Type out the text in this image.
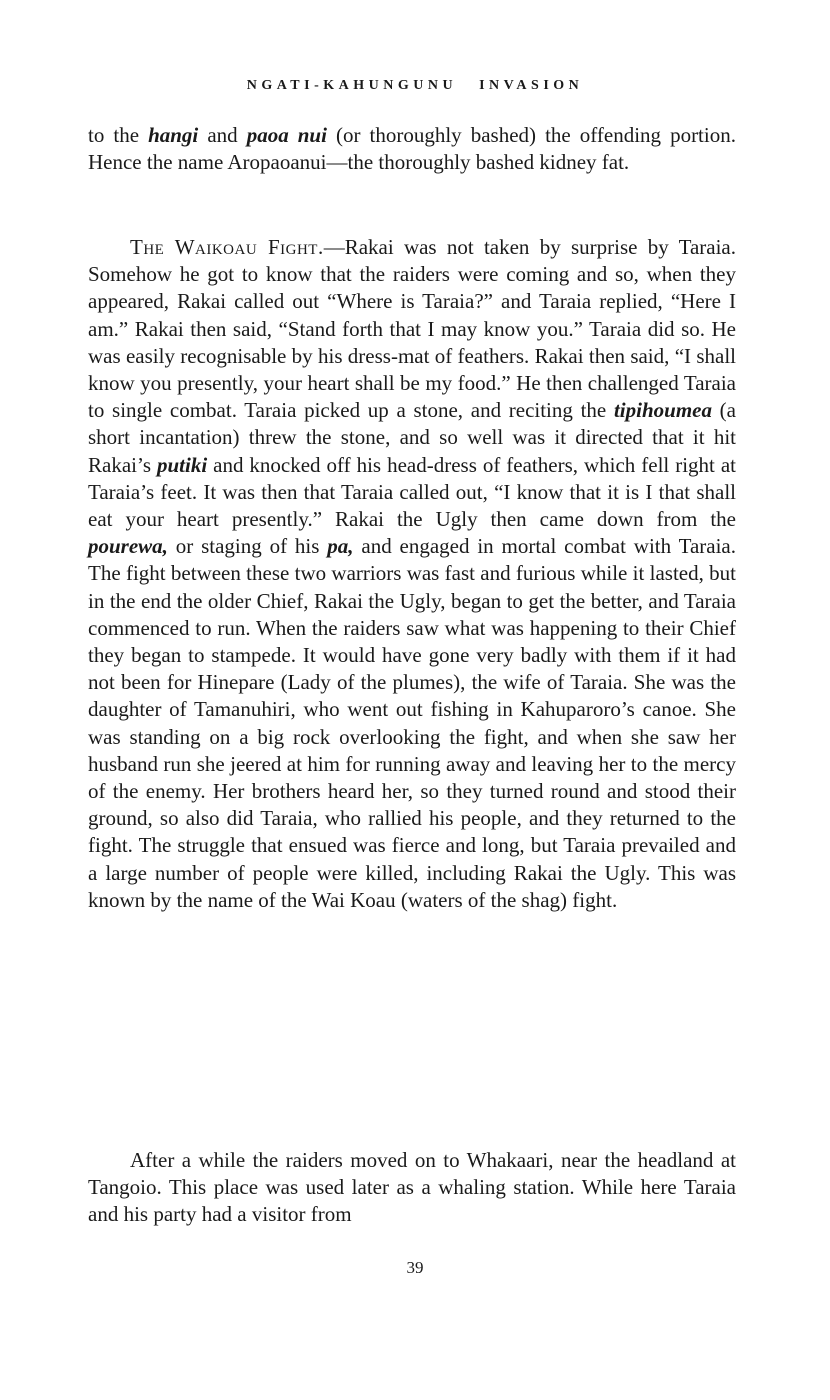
NGATI-KAHUNGUNU INVASION

to the hangi and paoa nui (or thoroughly bashed) the offending portion. Hence the name Aropaoanui—the thoroughly bashed kidney fat.

The Waikoau Fight.—Rakai was not taken by surprise by Taraia. Somehow he got to know that the raiders were coming and so, when they appeared, Rakai called out “Where is Taraia?” and Taraia replied, “Here I am.” Rakai then said, “Stand forth that I may know you.” Taraia did so. He was easily recognisable by his dress-mat of feathers. Rakai then said, “I shall know you presently, your heart shall be my food.” He then challenged Taraia to single combat. Taraia picked up a stone, and reciting the tipihoumea (a short incantation) threw the stone, and so well was it directed that it hit Rakai’s putiki and knocked off his head-dress of feathers, which fell right at Taraia’s feet. It was then that Taraia called out, “I know that it is I that shall eat your heart presently.” Rakai the Ugly then came down from the pourewa, or staging of his pa, and engaged in mortal combat with Taraia. The fight between these two warriors was fast and furious while it lasted, but in the end the older Chief, Rakai the Ugly, began to get the better, and Taraia commenced to run. When the raiders saw what was happening to their Chief they began to stampede. It would have gone very badly with them if it had not been for Hinepare (Lady of the plumes), the wife of Taraia. She was the daughter of Tamanuhiri, who went out fishing in Kahuparoro’s canoe. She was standing on a big rock overlooking the fight, and when she saw her husband run she jeered at him for running away and leaving her to the mercy of the enemy. Her brothers heard her, so they turned round and stood their ground, so also did Taraia, who rallied his people, and they returned to the fight. The struggle that ensued was fierce and long, but Taraia prevailed and a large number of people were killed, including Rakai the Ugly. This was known by the name of the Wai Koau (waters of the shag) fight.

After a while the raiders moved on to Whakaari, near the headland at Tangoio. This place was used later as a whaling station. While here Taraia and his party had a visitor from

39
